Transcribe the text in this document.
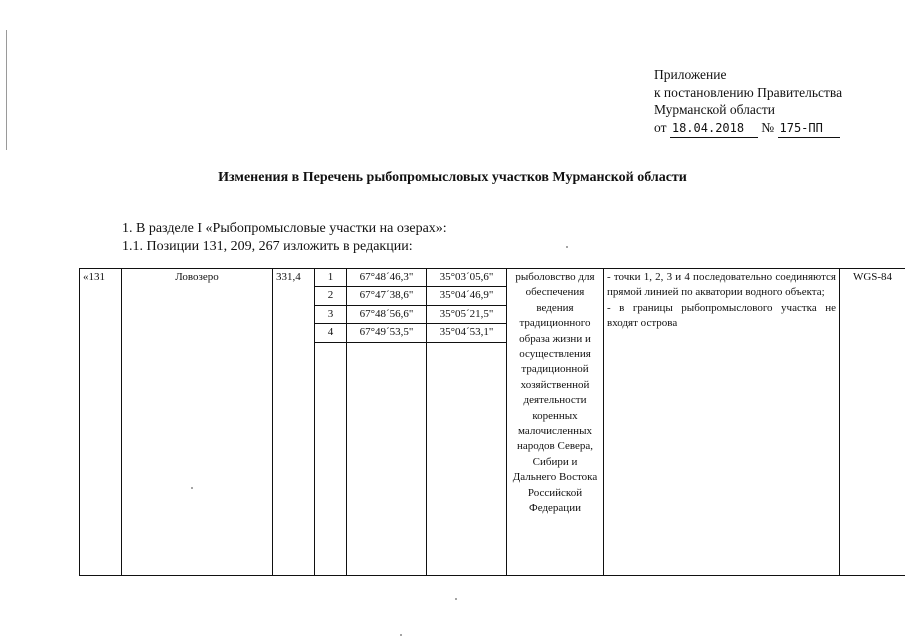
Приложение
к постановлению Правительства
Мурманской области
от 18.04.2018 № 175-ПП
Изменения в Перечень рыбопромысловых участков Мурманской области
1. В разделе I «Рыбопромысловые участки на озерах»:
1.1. Позиции 131, 209, 267 изложить в редакции:
«131	Ловозеро	331,4	1	67°48´46,3"	35°03´05,6"	рыболовство для обеспечения ведения традиционного образа жизни и осуществления традиционной хозяйственной деятельности коренных малочисленных народов Севера, Сибири и Дальнего Востока Российской Федерации	- точки 1, 2, 3 и 4 последовательно соединяются прямой линией по акватории водного объекта;
- в границы рыбопромыслового участка не входят острова	WGS-84
			2	67°47´38,6"	35°04´46,9"			
			3	67°48´56,6"	35°05´21,5"			
			4	67°49´53,5"	35°04´53,1"			
